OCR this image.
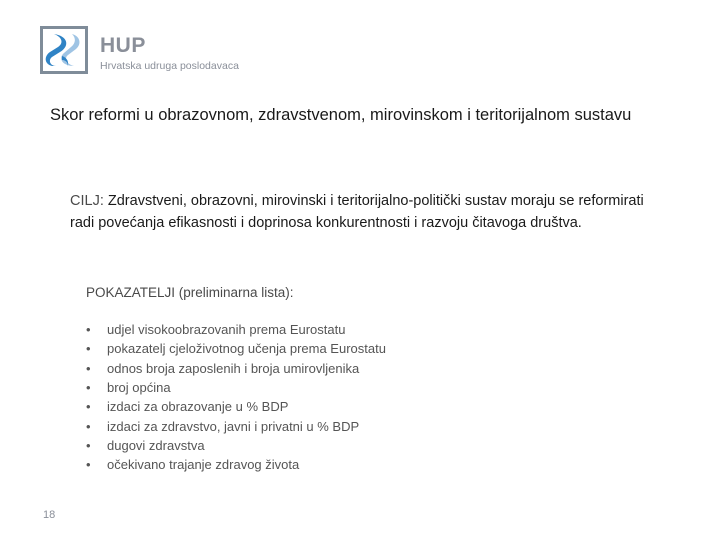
HUP
Hrvatska udruga poslodavaca
Skor reformi u obrazovnom, zdravstvenom, mirovinskom i teritorijalnom sustavu
CILJ: Zdravstveni, obrazovni, mirovinski i teritorijalno-politički sustav moraju se reformirati radi povećanja efikasnosti i doprinosa konkurentnosti i razvoju čitavoga društva.
POKAZATELJI (preliminarna lista):
•	udjel visokoobrazovanih prema Eurostatu
•	pokazatelj cjeloživotnog učenja prema Eurostatu
•	odnos broja zaposlenih i broja umirovljenika
•	broj općina
•	izdaci za obrazovanje u % BDP
•	izdaci za zdravstvo, javni i privatni u % BDP
•	dugovi zdravstva
•	očekivano trajanje zdravog života
18
